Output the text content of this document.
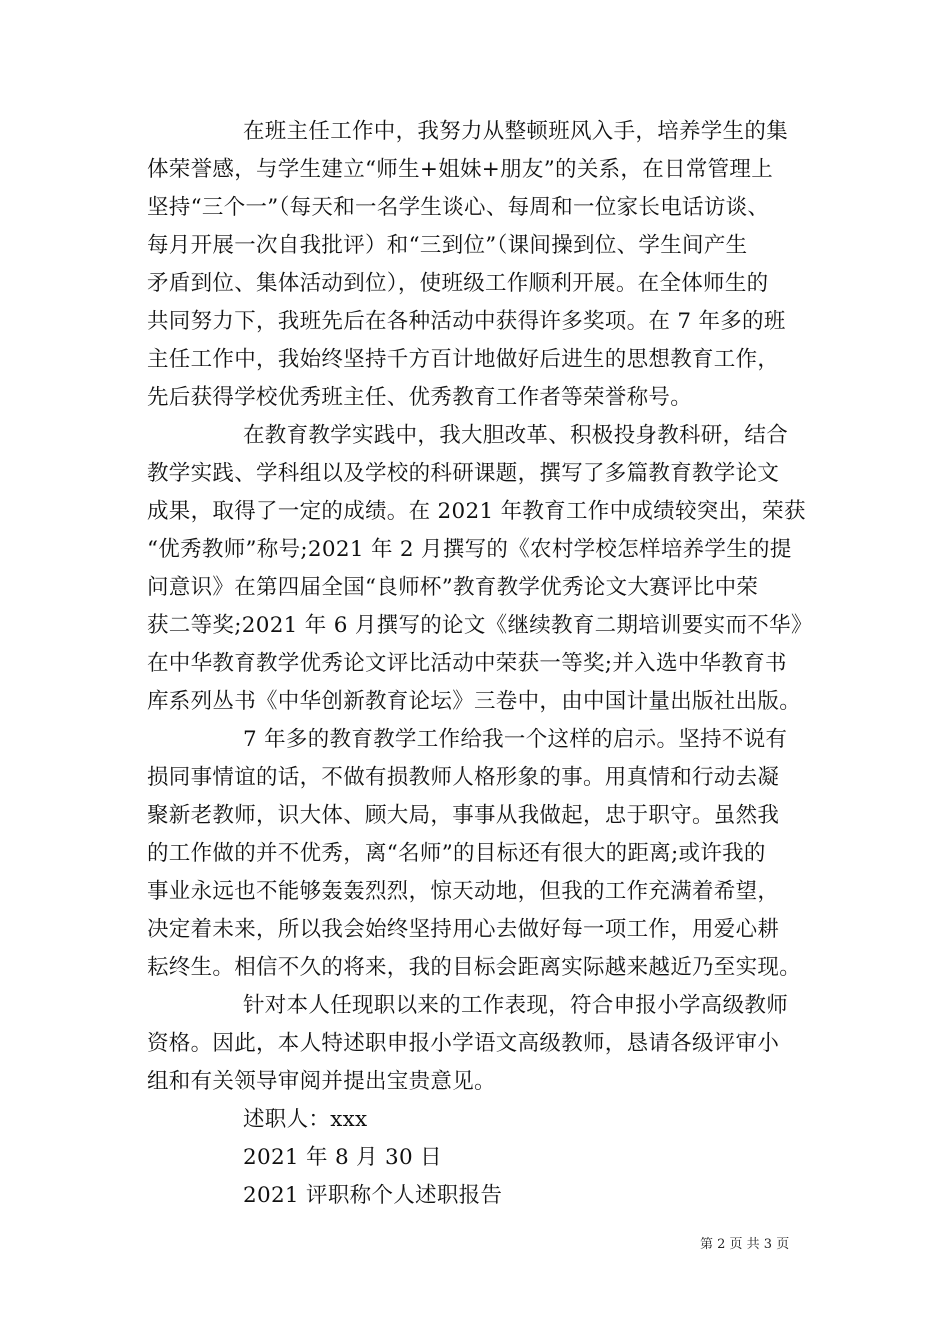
在班主任工作中，我努力从整顿班风入手，培养学生的集
体荣誉感，与学生建立“师生+姐妹+朋友”的关系，在日常管理上
坚持“三个一”（每天和一名学生谈心、每周和一位家长电话访谈、
每月开展一次自我批评）和“三到位”（课间操到位、学生间产生
矛盾到位、集体活动到位），使班级工作顺利开展。在全体师生的
共同努力下，我班先后在各种活动中获得许多奖项。在 7 年多的班
主任工作中，我始终坚持千方百计地做好后进生的思想教育工作，
先后获得学校优秀班主任、优秀教育工作者等荣誉称号。
在教育教学实践中，我大胆改革、积极投身教科研，结合
教学实践、学科组以及学校的科研课题，撰写了多篇教育教学论文
成果，取得了一定的成绩。在 2021 年教育工作中成绩较突出，荣获
“优秀教师”称号;2021 年 2 月撰写的《农村学校怎样培养学生的提
问意识》在第四届全国“良师杯”教育教学优秀论文大赛评比中荣
获二等奖;2021 年 6 月撰写的论文《继续教育二期培训要实而不华》
在中华教育教学优秀论文评比活动中荣获一等奖;并入选中华教育书
库系列丛书《中华创新教育论坛》三卷中，由中国计量出版社出版。
7 年多的教育教学工作给我一个这样的启示。坚持不说有
损同事情谊的话，不做有损教师人格形象的事。用真情和行动去凝
聚新老教师，识大体、顾大局，事事从我做起，忠于职守。虽然我
的工作做的并不优秀，离“名师”的目标还有很大的距离;或许我的
事业永远也不能够轰轰烈烈，惊天动地，但我的工作充满着希望，
决定着未来，所以我会始终坚持用心去做好每一项工作，用爱心耕
耘终生。相信不久的将来，我的目标会距离实际越来越近乃至实现。
针对本人任现职以来的工作表现，符合申报小学高级教师
资格。因此，本人特述职申报小学语文高级教师，恳请各级评审小
组和有关领导审阅并提出宝贵意见。
述职人：xxx
2021 年 8 月 30 日
2021 评职称个人述职报告
第 2 页 共 3 页
